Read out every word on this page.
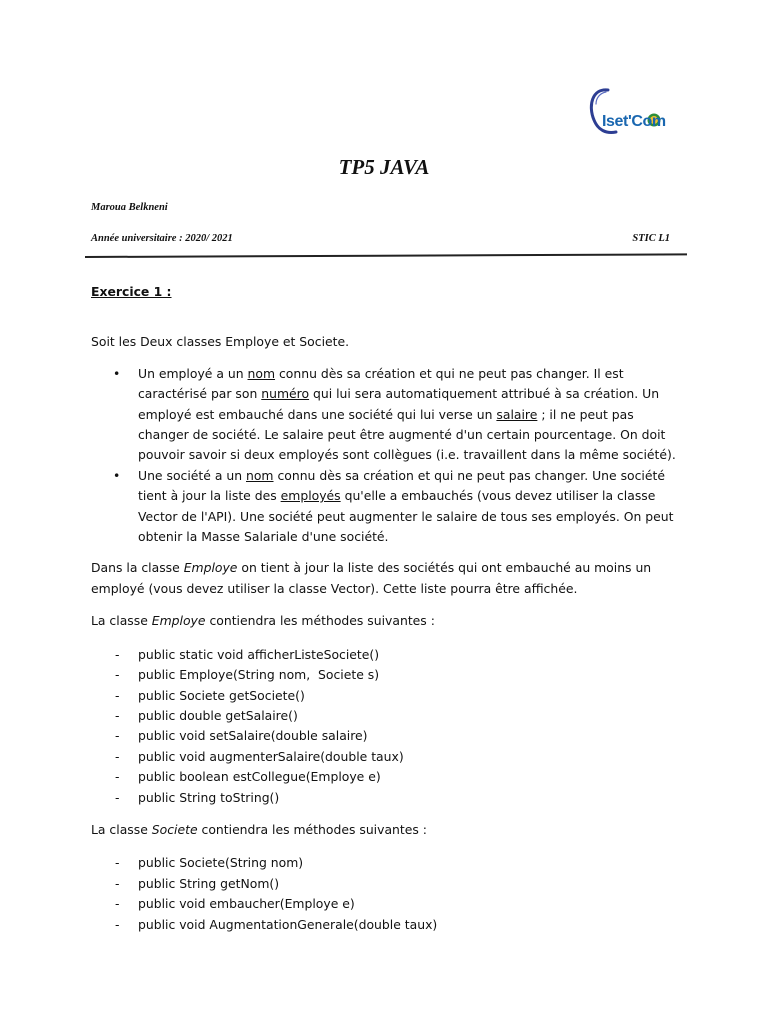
Iset'Com
TP5 JAVA
Maroua Belkneni
Année universitaire : 2020/ 2021	STIC L1

Exercice 1 :

Soit les Deux classes Employe et Societe.

• Un employé a un nom connu dès sa création et qui ne peut pas changer. Il est caractérisé par son numéro qui lui sera automatiquement attribué à sa création. Un employé est embauché dans une société qui lui verse un salaire ; il ne peut pas changer de société. Le salaire peut être augmenté d'un certain pourcentage. On doit pouvoir savoir si deux employés sont collègues (i.e. travaillent dans la même société).
• Une société a un nom connu dès sa création et qui ne peut pas changer. Une société tient à jour la liste des employés qu'elle a embauchés (vous devez utiliser la classe Vector de l'API). Une société peut augmenter le salaire de tous ses employés. On peut obtenir la Masse Salariale d'une société.

Dans la classe Employe on tient à jour la liste des sociétés qui ont embauché au moins un employé (vous devez utiliser la classe Vector). Cette liste pourra être affichée.

La classe Employe contiendra les méthodes suivantes :

- public static void afficherListeSociete()
- public Employe(String nom,  Societe s)
- public Societe getSociete()
- public double getSalaire()
- public void setSalaire(double salaire)
- public void augmenterSalaire(double taux)
- public boolean estCollegue(Employe e)
- public String toString()

La classe Societe contiendra les méthodes suivantes :

- public Societe(String nom)
- public String getNom()
- public void embaucher(Employe e)
- public void AugmentationGenerale(double taux)
